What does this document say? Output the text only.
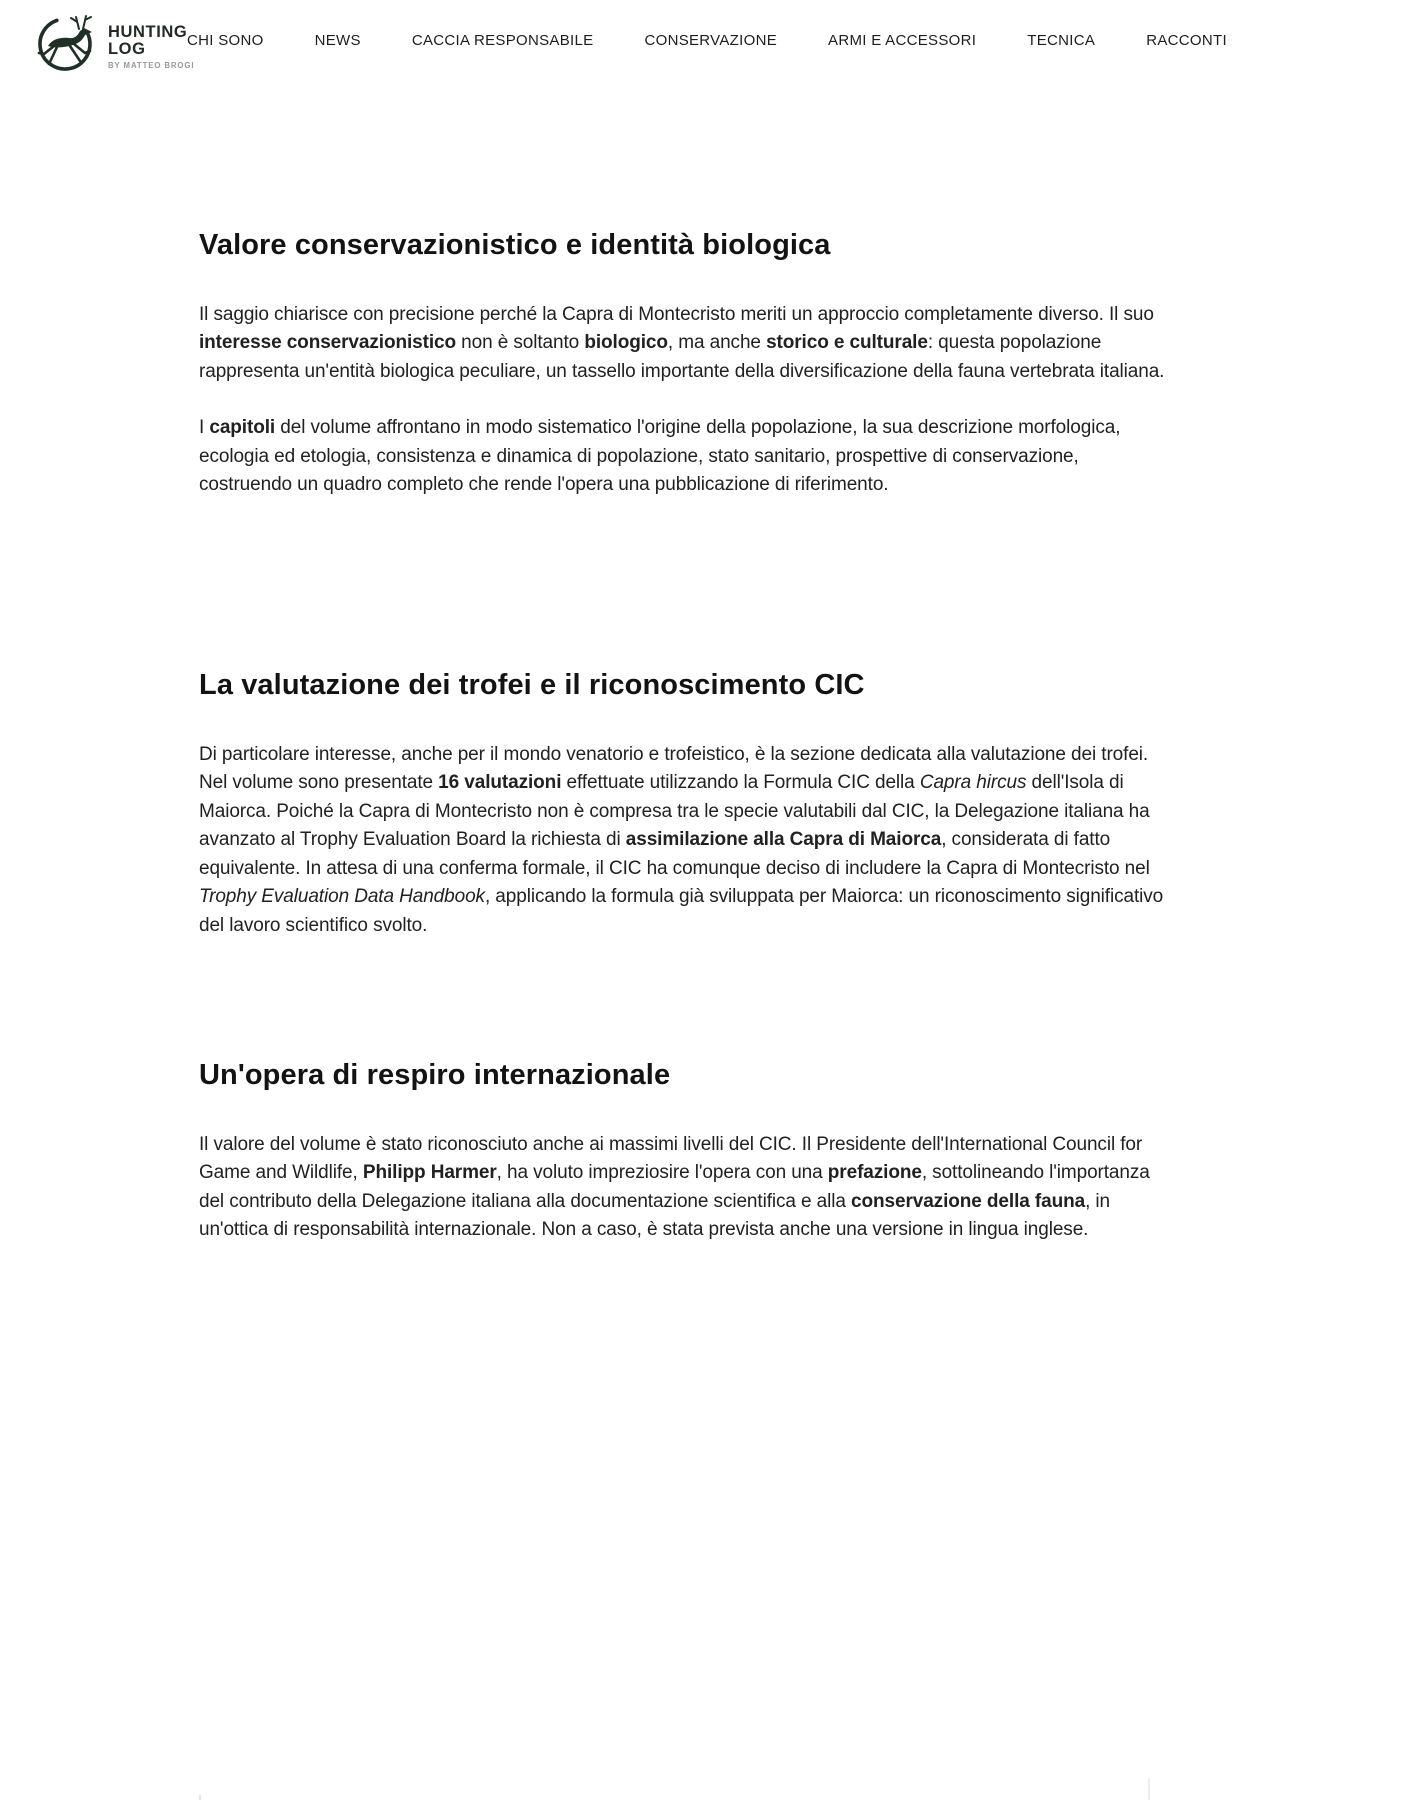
HUNTING
LOG
BY MATTEO BROGI
CHI SONO	NEWS	CACCIA RESPONSABILE	CONSERVAZIONE	ARMI E ACCESSORI	TECNICA	RACCONTI
Valore conservazionistico e identità biologica

Il saggio chiarisce con precisione perché la Capra di Montecristo meriti un approccio completamente diverso. Il suo interesse conservazionistico non è soltanto biologico, ma anche storico e culturale: questa popolazione rappresenta un'entità biologica peculiare, un tassello importante della diversificazione della fauna vertebrata italiana.

I capitoli del volume affrontano in modo sistematico l'origine della popolazione, la sua descrizione morfologica, ecologia ed etologia, consistenza e dinamica di popolazione, stato sanitario, prospettive di conservazione, costruendo un quadro completo che rende l'opera una pubblicazione di riferimento.

La valutazione dei trofei e il riconoscimento CIC

Di particolare interesse, anche per il mondo venatorio e trofeistico, è la sezione dedicata alla valutazione dei trofei. Nel volume sono presentate 16 valutazioni effettuate utilizzando la Formula CIC della Capra hircus dell'Isola di Maiorca. Poiché la Capra di Montecristo non è compresa tra le specie valutabili dal CIC, la Delegazione italiana ha avanzato al Trophy Evaluation Board la richiesta di assimilazione alla Capra di Maiorca, considerata di fatto equivalente. In attesa di una conferma formale, il CIC ha comunque deciso di includere la Capra di Montecristo nel Trophy Evaluation Data Handbook, applicando la formula già sviluppata per Maiorca: un riconoscimento significativo del lavoro scientifico svolto.

Un'opera di respiro internazionale

Il valore del volume è stato riconosciuto anche ai massimi livelli del CIC. Il Presidente dell'International Council for Game and Wildlife, Philipp Harmer, ha voluto impreziosire l'opera con una prefazione, sottolineando l'importanza del contributo della Delegazione italiana alla documentazione scientifica e alla conservazione della fauna, in un'ottica di responsabilità internazionale. Non a caso, è stata prevista anche una versione in lingua inglese.
